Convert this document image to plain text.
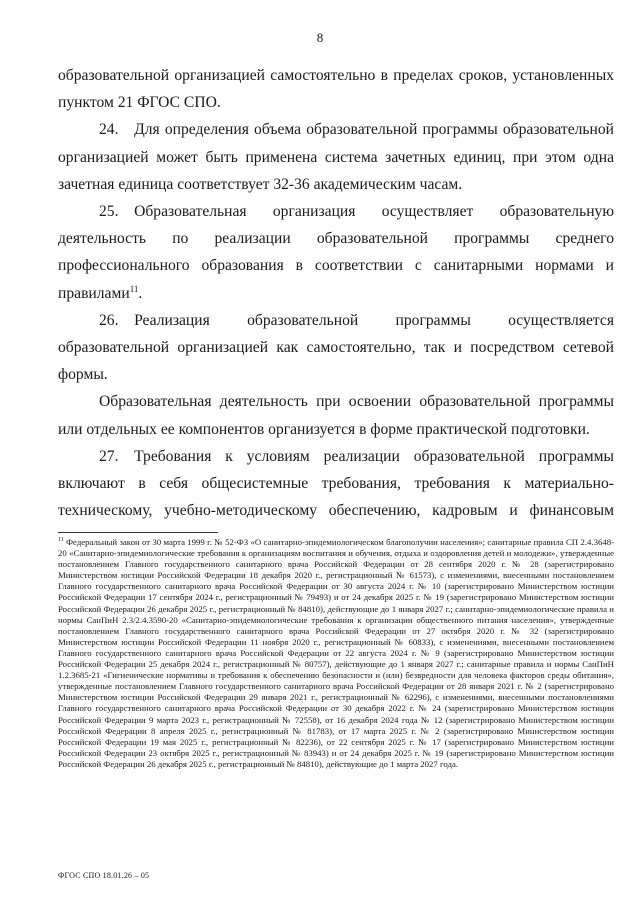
8

образовательной организацией самостоятельно в пределах сроков, установленных пунктом 21 ФГОС СПО.

24. Для определения объема образовательной программы образовательной организацией может быть применена система зачетных единиц, при этом одна зачетная единица соответствует 32-36 академическим часам.

25. Образовательная организация осуществляет образовательную деятельность по реализации образовательной программы среднего профессионального образования в соответствии с санитарными нормами и правилами$^{11}$.

26. Реализация образовательной программы осуществляется образовательной организацией как самостоятельно, так и посредством сетевой формы.

Образовательная деятельность при освоении образовательной программы или отдельных ее компонентов организуется в форме практической подготовки.

27. Требования к условиям реализации образовательной программы включают в себя общесистемные требования, требования к материально-техническому, учебно-методическому обеспечению, кадровым и финансовым

$^{11}$ Федеральный закон от 30 марта 1999 г. № 52-ФЗ «О санитарно-эпидемиологическом благополучии населения»; санитарные правила СП 2.4.3648-20 «Санитарно-эпидемиологические требования к организациям воспитания и обучения, отдыха и оздоровления детей и молодежи», утвержденные постановлением Главного государственного санитарного врача Российской Федерации от 28 сентября 2020 г. № 28 (зарегистрировано Министерством юстиции Российской Федерации 18 декабря 2020 г., регистрационный № 61573), с изменениями, внесенными постановлением Главного государственного санитарного врача Российской Федерации от 30 августа 2024 г. № 10 (зарегистрировано Министерством юстиции Российской Федерации 17 сентября 2024 г., регистрационный № 79493) и от 24 декабря 2025 г. № 19 (зарегистрировано Министерством юстиции Российской Федерации 26 декабря 2025 г., регистрационный № 84810), действующие до 1 января 2027 г.; санитарно-эпидемиологические правила и нормы СанПиН 2.3/2.4.3590-20 «Санитарно-эпидемиологические требования к организации общественного питания населения», утвержденные постановлением Главного государственного санитарного врача Российской Федерации от 27 октября 2020 г. № 32 (зарегистрировано Министерством юстиции Российской Федерации 11 ноября 2020 г., регистрационный № 60833), с изменениями, внесенными постановлением Главного государственного санитарного врача Российской Федерации от 22 августа 2024 г. № 9 (зарегистрировано Министерством юстиции Российской Федерации 25 декабря 2024 г., регистрационный № 80757), действующие до 1 января 2027 г.; санитарные правила и нормы СанПиН 1.2.3685-21 «Гигиенические нормативы и требования к обеспечению безопасности и (или) безвредности для человека факторов среды обитания», утвержденные постановлением Главного государственного санитарного врача Российской Федерации от 28 января 2021 г. № 2 (зарегистрировано Министерством юстиции Российской Федерации 29 января 2021 г., регистрационный № 62296), с изменениями, внесенными постановлениями Главного государственного санитарного врача Российской Федерации от 30 декабря 2022 г. № 24 (зарегистрировано Министерством юстиции Российской Федерации 9 марта 2023 г., регистрационный № 72558), от 16 декабря 2024 года № 12 (зарегистрировано Министерством юстиции Российской Федерации 8 апреля 2025 г., регистрационный № 81783), от 17 марта 2025 г. № 2 (зарегистрировано Министерством юстиции Российской Федерации 19 мая 2025 г., регистрационный № 82236), от 22 сентября 2025 г. № 17 (зарегистрировано Министерством юстиции Российской Федерации 23 октября 2025 г., регистрационный № 83943) и от 24 декабря 2025 г. № 19 (зарегистрировано Министерством юстиции Российской Федерации 26 декабря 2025 г., регистрационный № 84810), действующие до 1 марта 2027 года.

ФГОС СПО 18.01.26 – 05
